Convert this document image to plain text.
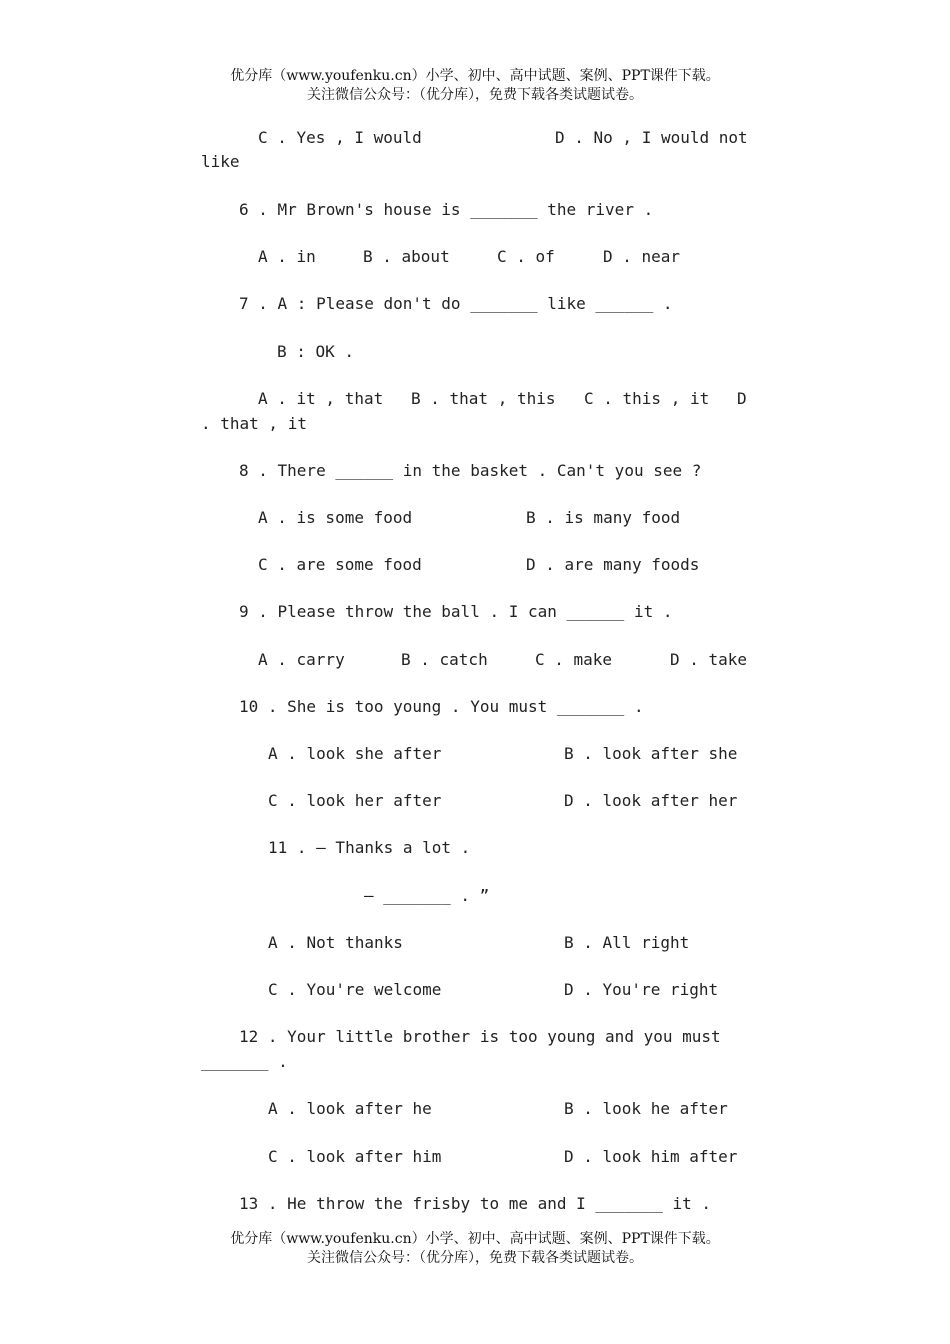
优分库（www.youfenku.cn）小学、初中、高中试题、案例、PPT课件下载。
关注微信公众号：（优分库），免费下载各类试题试卷。
C . Yes , I would	D . No , I would not
like
6 . Mr Brown's house is _______ the river .
A . in	B . about	C . of	D . near
7 . A : Please don't do _______ like ______ .
B : OK .
A . it , that B . that , this C . this , it D
. that , it
8 . There ______ in the basket . Can't you see ?
A . is some food	B . is many food
C . are some food	D . are many foods
9 . Please throw the ball . I can ______ it .
A . carry	B . catch	C . make	D . take
10 . She is too young . You must _______ .
A . look she after	B . look after she
C . look her after	D . look after her
11 . — Thanks a lot .
— _______ . ”
A . Not thanks	B . All right
C . You're welcome	D . You're right
12 . Your little brother is too young and you must
_______ .
A . look after he	B . look he after
C . look after him	D . look him after
13 . He throw the frisby to me and I _______ it .
优分库（www.youfenku.cn）小学、初中、高中试题、案例、PPT课件下载。
关注微信公众号：（优分库），免费下载各类试题试卷。
